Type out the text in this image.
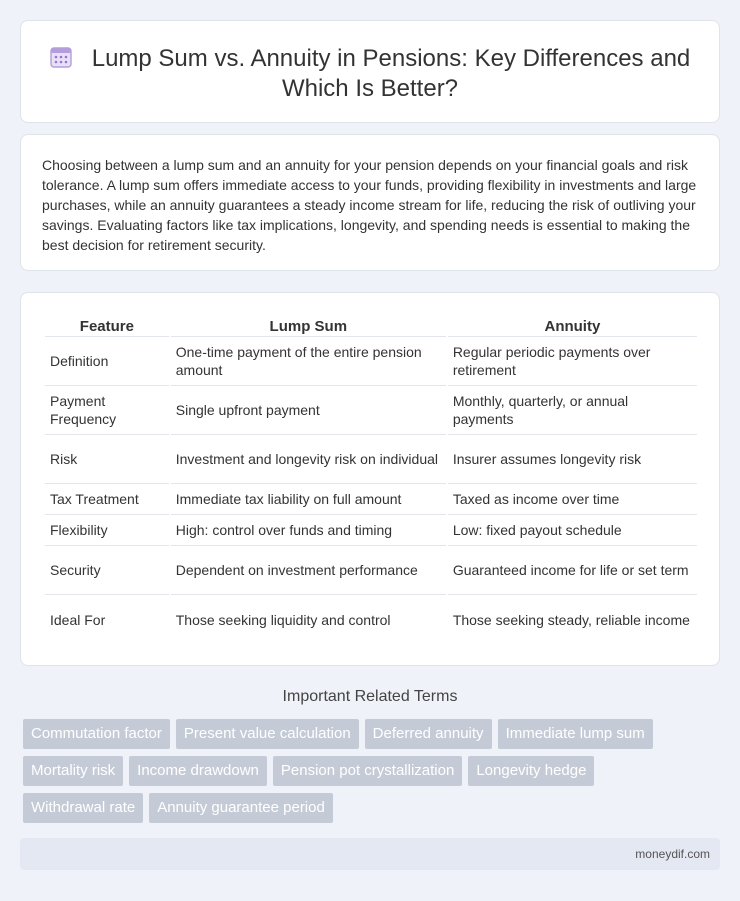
Lump Sum vs. Annuity in Pensions: Key Differences and Which Is Better?

Choosing between a lump sum and an annuity for your pension depends on your financial goals and risk tolerance. A lump sum offers immediate access to your funds, providing flexibility in investments and large purchases, while an annuity guarantees a steady income stream for life, reducing the risk of outliving your savings. Evaluating factors like tax implications, longevity, and spending needs is essential to making the best decision for retirement security.

Feature	Lump Sum	Annuity
Definition	One-time payment of the entire pension amount	Regular periodic payments over retirement
Payment Frequency	Single upfront payment	Monthly, quarterly, or annual payments
Risk	Investment and longevity risk on individual	Insurer assumes longevity risk
Tax Treatment	Immediate tax liability on full amount	Taxed as income over time
Flexibility	High: control over funds and timing	Low: fixed payout schedule
Security	Dependent on investment performance	Guaranteed income for life or set term
Ideal For	Those seeking liquidity and control	Those seeking steady, reliable income
Important Related Terms
Commutation factor	Present value calculation	Deferred annuity	Immediate lump sum
Mortality risk	Income drawdown	Pension pot crystallization	Longevity hedge
Withdrawal rate	Annuity guarantee period
moneydif.com
